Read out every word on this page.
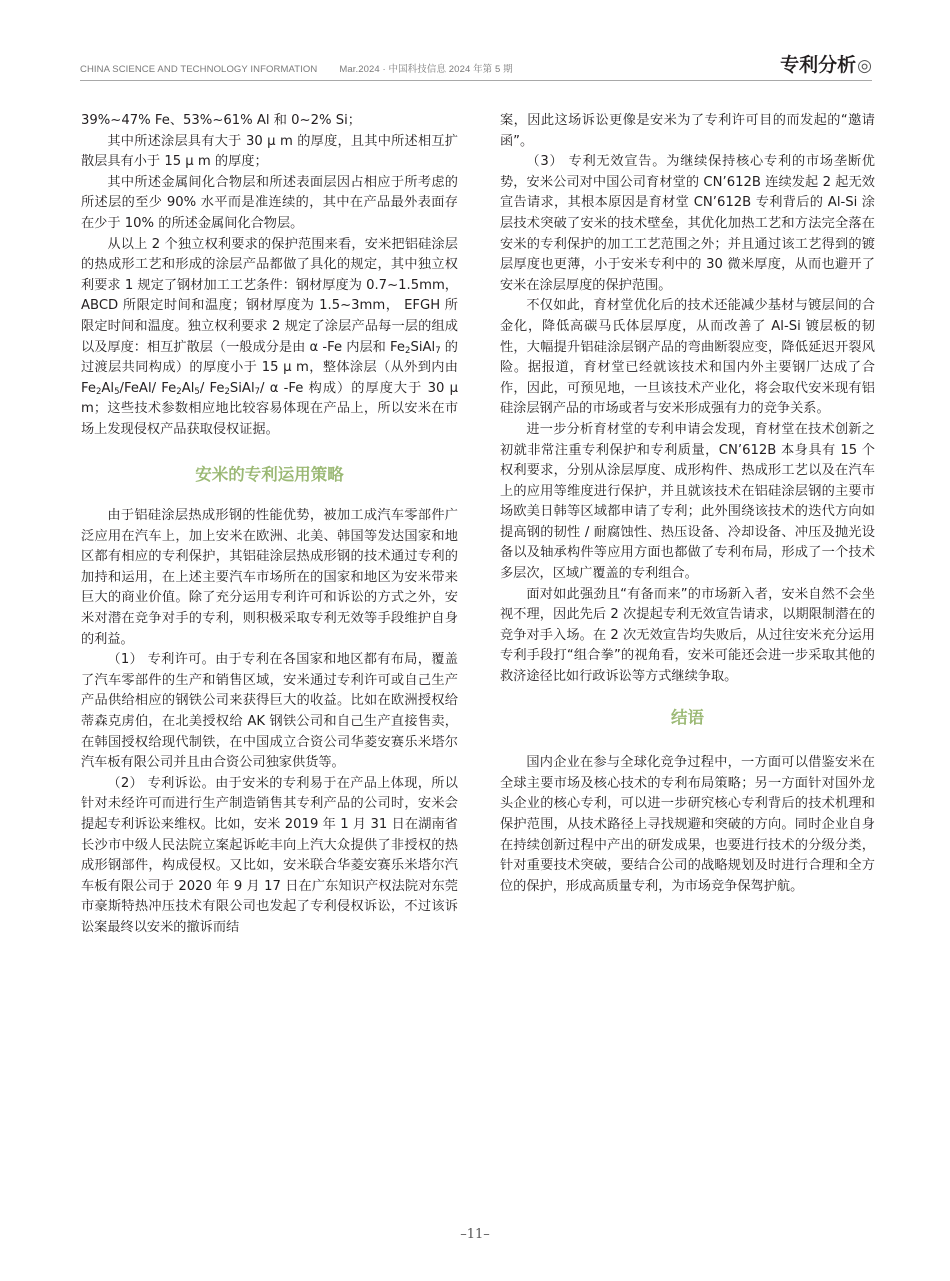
CHINA SCIENCE AND TECHNOLOGY INFORMATION Mar.2024 · 中国科技信息 2024 年第 5 期	专利分析◎

39%~47% Fe、53%~61% Al 和 0~2% Si；

其中所述涂层具有大于 30 μ m 的厚度，且其中所述相互扩散层具有小于 15 μ m 的厚度；

其中所述金属间化合物层和所述表面层因占相应于所考虑的所述层的至少 90% 水平而是准连续的，其中在产品最外表面存在少于 10% 的所述金属间化合物层。

从以上 2 个独立权利要求的保护范围来看，安米把铝硅涂层的热成形工艺和形成的涂层产品都做了具化的规定，其中独立权利要求 1 规定了钢材加工工艺条件：钢材厚度为 0.7~1.5mm，ABCD 所限定时间和温度；钢材厚度为 1.5~3mm， EFGH 所限定时间和温度。独立权利要求 2 规定了涂层产品每一层的组成以及厚度：相互扩散层（一般成分是由 α -Fe 内层和 $Fe_2SiAl_7$ 的过渡层共同构成）的厚度小于 15 μ m，整体涂层（从外到内由 $Fe_2Al_5/FeAl/$ $Fe_2Al_5/$ $Fe_2SiAl_7/$ α -Fe 构成）的厚度大于 30 μ m；这些技术参数相应地比较容易体现在产品上，所以安米在市场上发现侵权产品获取侵权证据。

安米的专利运用策略

由于铝硅涂层热成形钢的性能优势，被加工成汽车零部件广泛应用在汽车上，加上安米在欧洲、北美、韩国等发达国家和地区都有相应的专利保护，其铝硅涂层热成形钢的技术通过专利的加持和运用，在上述主要汽车市场所在的国家和地区为安米带来巨大的商业价值。除了充分运用专利许可和诉讼的方式之外，安米对潜在竞争对手的专利，则积极采取专利无效等手段维护自身的利益。

（1） 专利许可。由于专利在各国家和地区都有布局，覆盖了汽车零部件的生产和销售区域，安米通过专利许可或自己生产产品供给相应的钢铁公司来获得巨大的收益。比如在欧洲授权给蒂森克虏伯，在北美授权给 AK 钢铁公司和自己生产直接售卖，在韩国授权给现代制铁，在中国成立合资公司华菱安赛乐米塔尔汽车板有限公司并且由合资公司独家供货等。

（2） 专利诉讼。由于安米的专利易于在产品上体现，所以针对未经许可而进行生产制造销售其专利产品的公司时，安米会提起专利诉讼来维权。比如，安米 2019 年 1 月 31 日在湖南省长沙市中级人民法院立案起诉屹丰向上汽大众提供了非授权的热成形钢部件，构成侵权。又比如，安米联合华菱安赛乐米塔尔汽车板有限公司于 2020 年 9 月 17 日在广东知识产权法院对东莞市豪斯特热冲压技术有限公司也发起了专利侵权诉讼，不过该诉讼案最终以安米的撤诉而结

案，因此这场诉讼更像是安米为了专利许可目的而发起的“邀请函”。

（3） 专利无效宣告。为继续保持核心专利的市场垄断优势，安米公司对中国公司育材堂的 CN’612B 连续发起 2 起无效宣告请求，其根本原因是育材堂 CN’612B 专利背后的 Al-Si 涂层技术突破了安米的技术壁垒，其优化加热工艺和方法完全落在安米的专利保护的加工工艺范围之外；并且通过该工艺得到的镀层厚度也更薄，小于安米专利中的 30 微米厚度，从而也避开了安米在涂层厚度的保护范围。

不仅如此，育材堂优化后的技术还能减少基材与镀层间的合金化，降低高碳马氏体层厚度，从而改善了 Al-Si 镀层板的韧性，大幅提升铝硅涂层钢产品的弯曲断裂应变，降低延迟开裂风险。据报道，育材堂已经就该技术和国内外主要钢厂达成了合作，因此，可预见地，一旦该技术产业化，将会取代安米现有铝硅涂层钢产品的市场或者与安米形成强有力的竞争关系。

进一步分析育材堂的专利申请会发现，育材堂在技术创新之初就非常注重专利保护和专利质量，CN’612B 本身具有 15 个权利要求，分别从涂层厚度、成形构件、热成形工艺以及在汽车上的应用等维度进行保护，并且就该技术在铝硅涂层钢的主要市场欧美日韩等区域都申请了专利；此外围绕该技术的迭代方向如提高钢的韧性 / 耐腐蚀性、热压设备、冷却设备、冲压及抛光设备以及轴承构件等应用方面也都做了专利布局，形成了一个技术多层次，区域广覆盖的专利组合。

面对如此强劲且“有备而来”的市场新入者，安米自然不会坐视不理，因此先后 2 次提起专利无效宣告请求，以期限制潜在的竞争对手入场。在 2 次无效宣告均失败后，从过往安米充分运用专利手段打“组合拳”的视角看，安米可能还会进一步采取其他的救济途径比如行政诉讼等方式继续争取。

结语

国内企业在参与全球化竞争过程中，一方面可以借鉴安米在全球主要市场及核心技术的专利布局策略；另一方面针对国外龙头企业的核心专利，可以进一步研究核心专利背后的技术机理和保护范围，从技术路径上寻找规避和突破的方向。同时企业自身在持续创新过程中产出的研发成果，也要进行技术的分级分类，针对重要技术突破，要结合公司的战略规划及时进行合理和全方位的保护，形成高质量专利，为市场竞争保驾护航。

–11–
